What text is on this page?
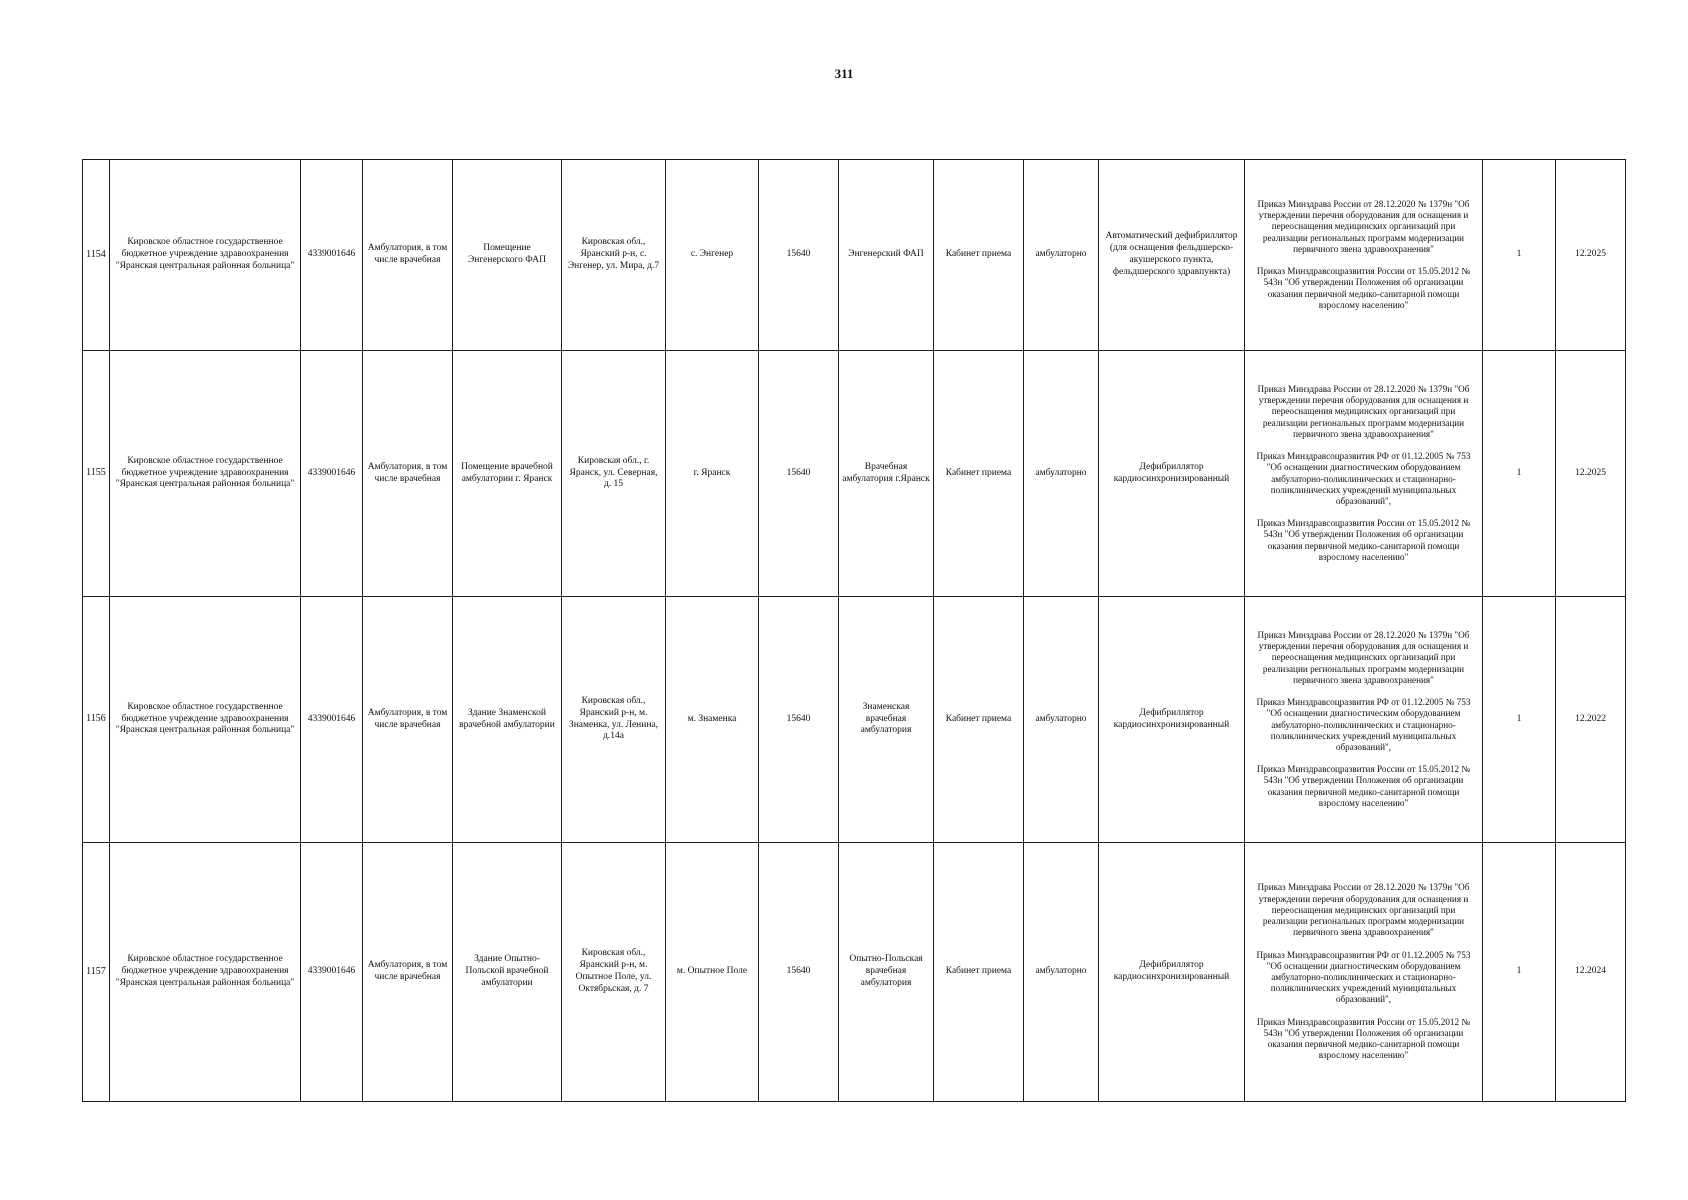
311
1154	Кировское областное государственное бюджетное учреждение здравоохранения "Яранская центральная районная больница"	4339001646	Амбулатория, в том числе врачебная	Помещение Энгенерского ФАП	Кировская обл., Яранский р-н, с. Энгенер, ул. Мира, д.7	с. Энгенер	15640	Энгенерский ФАП	Кабинет приема	амбулаторно	Автоматический дефибриллятор (для оснащения фельдшерско-акушерского пункта, фельдшерского здравпункта)	Приказ Минздрава России от 28.12.2020 № 1379н "Об утверждении перечня оборудования для оснащения и переоснащения медицинских организаций при реализации региональных программ модернизации первичного звена здравоохранения"
Приказ Минздравсоцразвития России от 15.05.2012 № 543н "Об утверждении Положения об организации оказания первичной медико-санитарной помощи взрослому населению"	1	12.2025
1155	Кировское областное государственное бюджетное учреждение здравоохранения "Яранская центральная районная больница"	4339001646	Амбулатория, в том числе врачебная	Помещение врачебной амбулатории г. Яранск	Кировская обл., г. Яранск, ул. Северная, д. 15	г. Яранск	15640	Врачебная амбулатория г.Яранск	Кабинет приема	амбулаторно	Дефибриллятор кардиосинхронизированный	Приказ Минздрава России от 28.12.2020 № 1379н "Об утверждении перечня оборудования для оснащения и переоснащения медицинских организаций при реализации региональных программ модернизации первичного звена здравоохранения"
Приказ Минздравсоцразвития РФ от 01.12.2005 № 753 "Об оснащении диагностическим оборудованием амбулаторно-поликлинических и стационарно-поликлинических учреждений муниципальных образований",
Приказ Минздравсоцразвития России от 15.05.2012 № 543н "Об утверждении Положения об организации оказания первичной медико-санитарной помощи взрослому населению"	1	12.2025
1156	Кировское областное государственное бюджетное учреждение здравоохранения "Яранская центральная районная больница"	4339001646	Амбулатория, в том числе врачебная	Здание Знаменской врачебной амбулатории	Кировская обл., Яранский р-н, м. Знаменка, ул. Ленина, д.14а	м. Знаменка	15640	Знаменская врачебная амбулатория	Кабинет приема	амбулаторно	Дефибриллятор кардиосинхронизированный	Приказ Минздрава России от 28.12.2020 № 1379н "Об утверждении перечня оборудования для оснащения и переоснащения медицинских организаций при реализации региональных программ модернизации первичного звена здравоохранения"
Приказ Минздравсоцразвития РФ от 01.12.2005 № 753 "Об оснащении диагностическим оборудованием амбулаторно-поликлинических и стационарно-поликлинических учреждений муниципальных образований",
Приказ Минздравсоцразвития России от 15.05.2012 № 543н "Об утверждении Положения об организации оказания первичной медико-санитарной помощи взрослому населению"	1	12.2022
1157	Кировское областное государственное бюджетное учреждение здравоохранения "Яранская центральная районная больница"	4339001646	Амбулатория, в том числе врачебная	Здание Опытно-Польской врачебной амбулатории	Кировская обл., Яранский р-н, м. Опытное Поле, ул. Октябрьская, д. 7	м. Опытное Поле	15640	Опытно-Польская врачебная амбулатория	Кабинет приема	амбулаторно	Дефибриллятор кардиосинхронизированный	Приказ Минздрава России от 28.12.2020 № 1379н "Об утверждении перечня оборудования для оснащения и переоснащения медицинских организаций при реализации региональных программ модернизации первичного звена здравоохранения"
Приказ Минздравсоцразвития РФ от 01.12.2005 № 753 "Об оснащении диагностическим оборудованием амбулаторно-поликлинических и стационарно-поликлинических учреждений муниципальных образований",
Приказ Минздравсоцразвития России от 15.05.2012 № 543н "Об утверждении Положения об организации оказания первичной медико-санитарной помощи взрослому населению"	1	12.2024
